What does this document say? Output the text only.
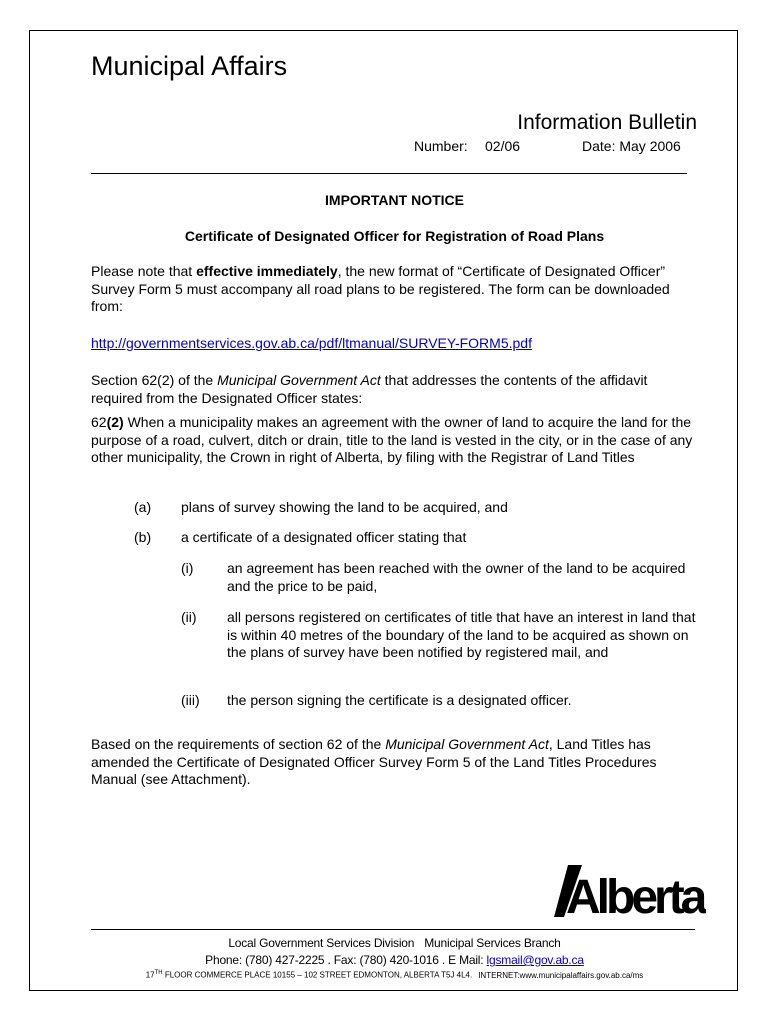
Municipal Affairs
Information Bulletin
Number: 02/06	Date: May 2006
IMPORTANT NOTICE
Certificate of Designated Officer for Registration of Road Plans
Please note that effective immediately, the new format of “Certificate of Designated Officer” Survey Form 5 must accompany all road plans to be registered. The form can be downloaded from:
http://governmentservices.gov.ab.ca/pdf/ltmanual/SURVEY-FORM5.pdf
Section 62(2) of the Municipal Government Act that addresses the contents of the affidavit required from the Designated Officer states:
62(2) When a municipality makes an agreement with the owner of land to acquire the land for the purpose of a road, culvert, ditch or drain, title to the land is vested in the city, or in the case of any other municipality, the Crown in right of Alberta, by filing with the Registrar of Land Titles
(a) plans of survey showing the land to be acquired, and
(b) a certificate of a designated officer stating that
(i) an agreement has been reached with the owner of the land to be acquired and the price to be paid,
(ii) all persons registered on certificates of title that have an interest in land that is within 40 metres of the boundary of the land to be acquired as shown on the plans of survey have been notified by registered mail, and
(iii) the person signing the certificate is a designated officer.
Based on the requirements of section 62 of the Municipal Government Act, Land Titles has amended the Certificate of Designated Officer Survey Form 5 of the Land Titles Procedures Manual (see Attachment).
Alberta
Local Government Services Division Municipal Services Branch
Phone: (780) 427-2225 . Fax: (780) 420-1016 . E Mail: lgsmail@gov.ab.ca
17TH FLOOR COMMERCE PLACE 10155 – 102 STREET EDMONTON, ALBERTA T5J 4L4. INTERNET:www.municipalaffairs.gov.ab.ca/ms
